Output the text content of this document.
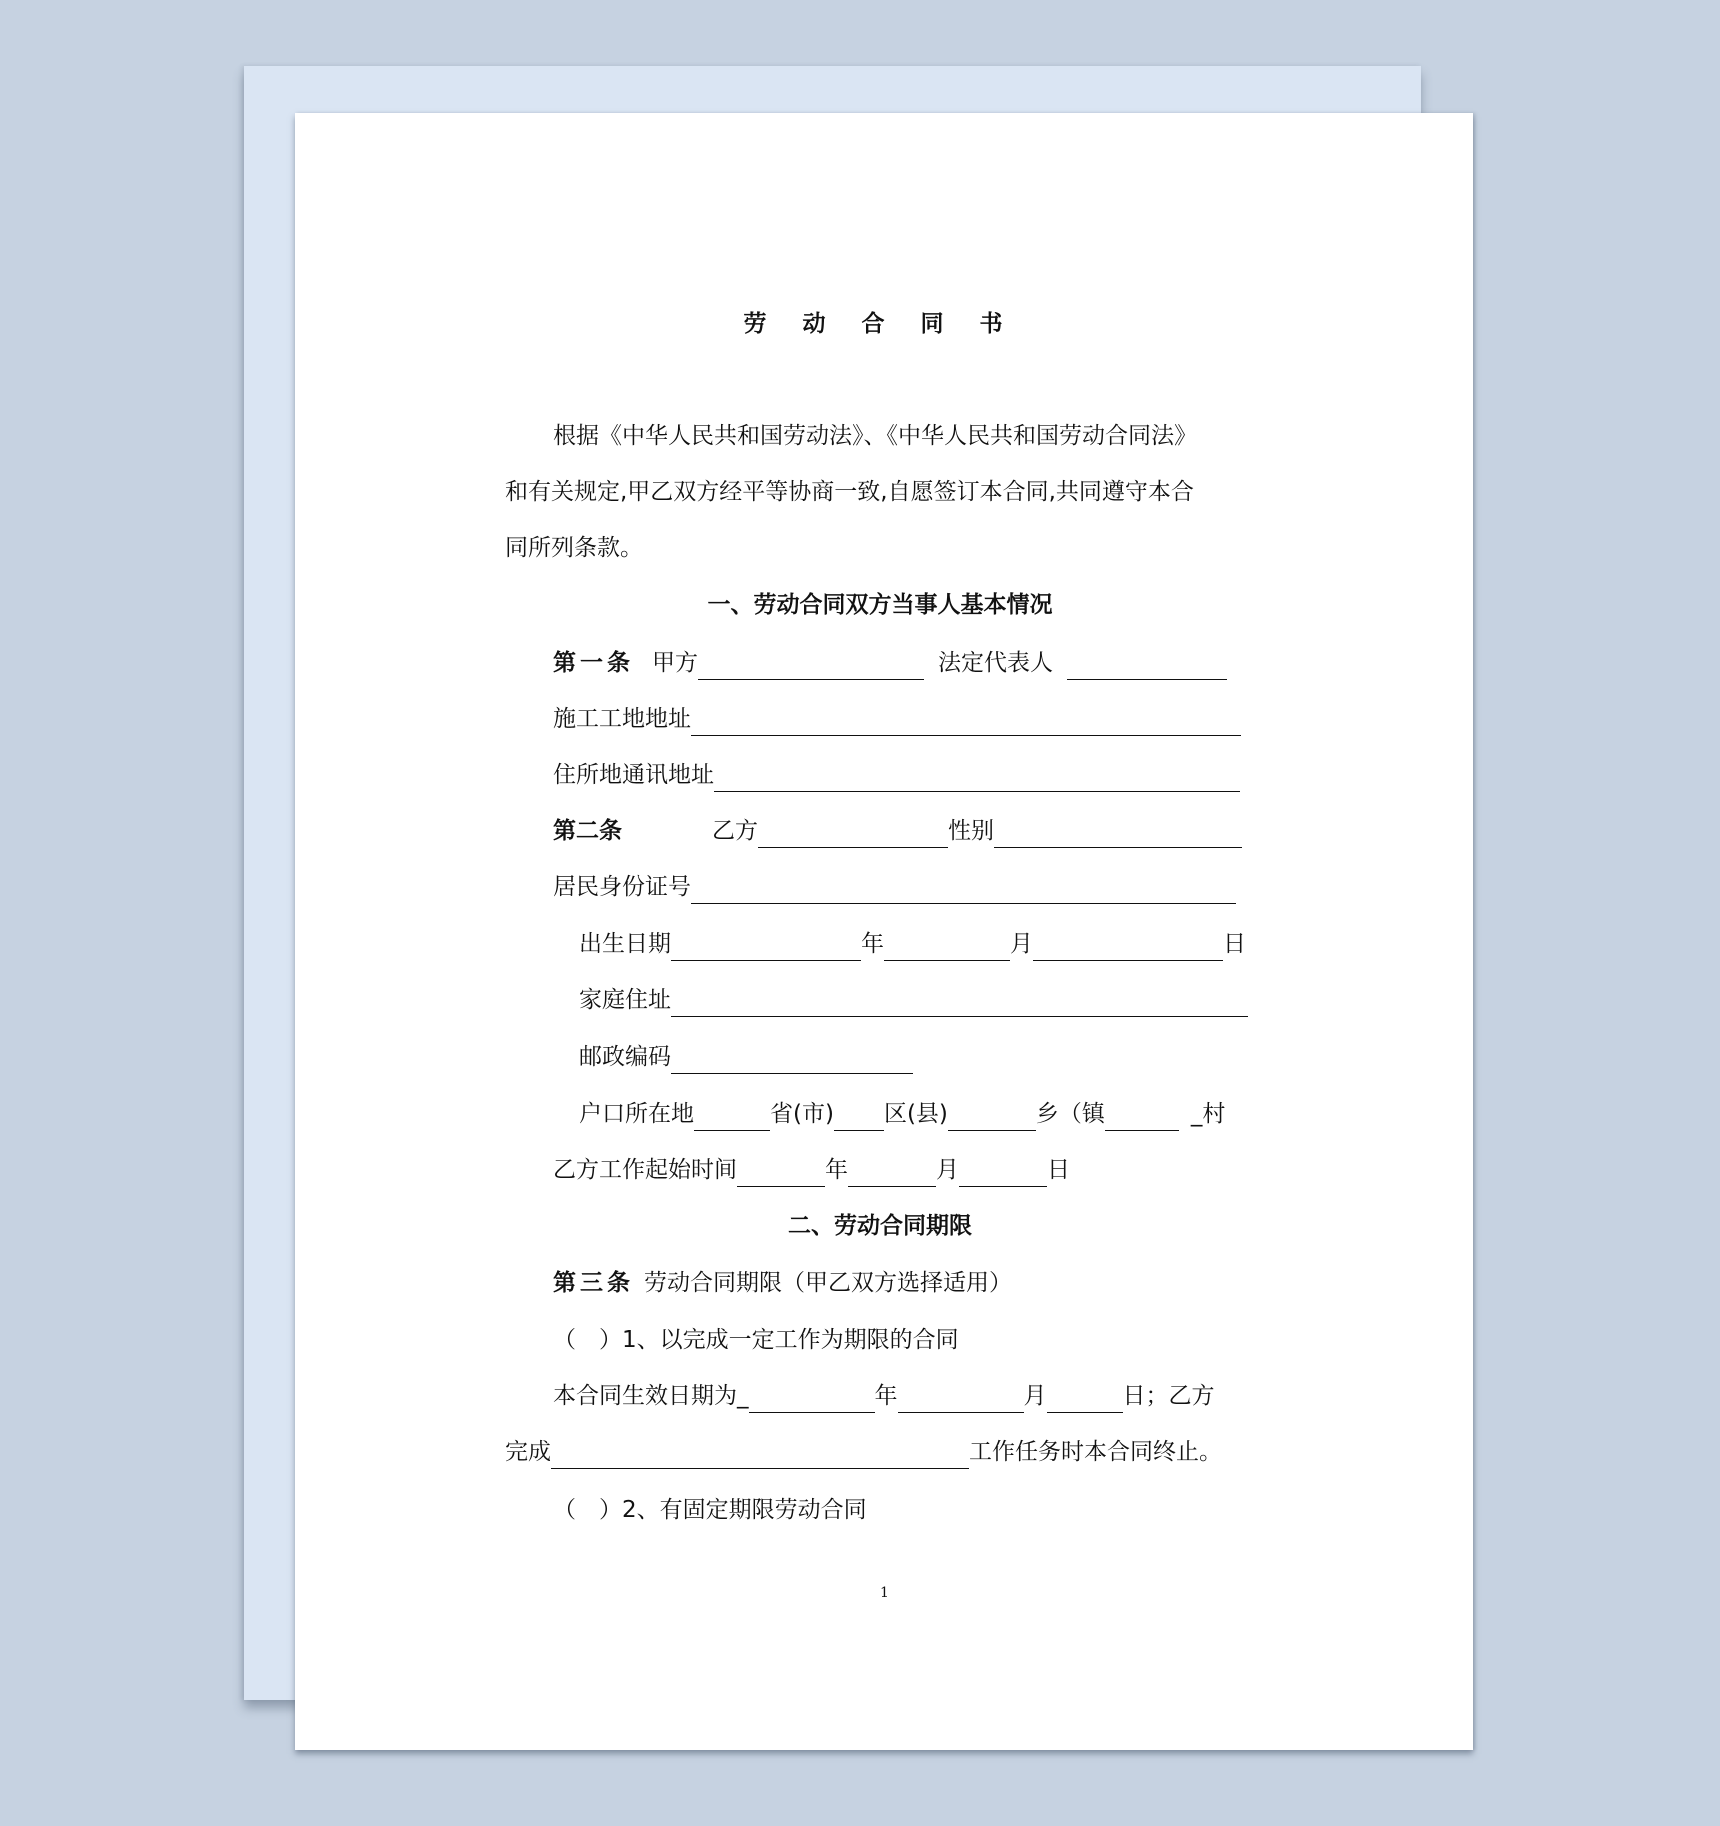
劳 动 合 同 书
根据《中华人民共和国劳动法》、《中华人民共和国劳动合同法》
和有关规定,甲乙双方经平等协商一致,自愿签订本合同,共同遵守本合
同所列条款。
一、劳动合同双方当事人基本情况
第一条 甲方	法定代表人
施工工地地址
住所地通讯地址
第二条	乙方	性别
居民身份证号
出生日期	年	月	日
家庭住址
邮政编码
户口所在地	省(市) 区(县)	乡（镇	_村
乙方工作起始时间	年	月	日
二、劳动合同期限
第三条 劳动合同期限（甲乙双方选择适用）
（　）1、以完成一定工作为期限的合同
本合同生效日期为_	年	月	日；乙方
完成	工作任务时本合同终止。
（　）2、有固定期限劳动合同
1
